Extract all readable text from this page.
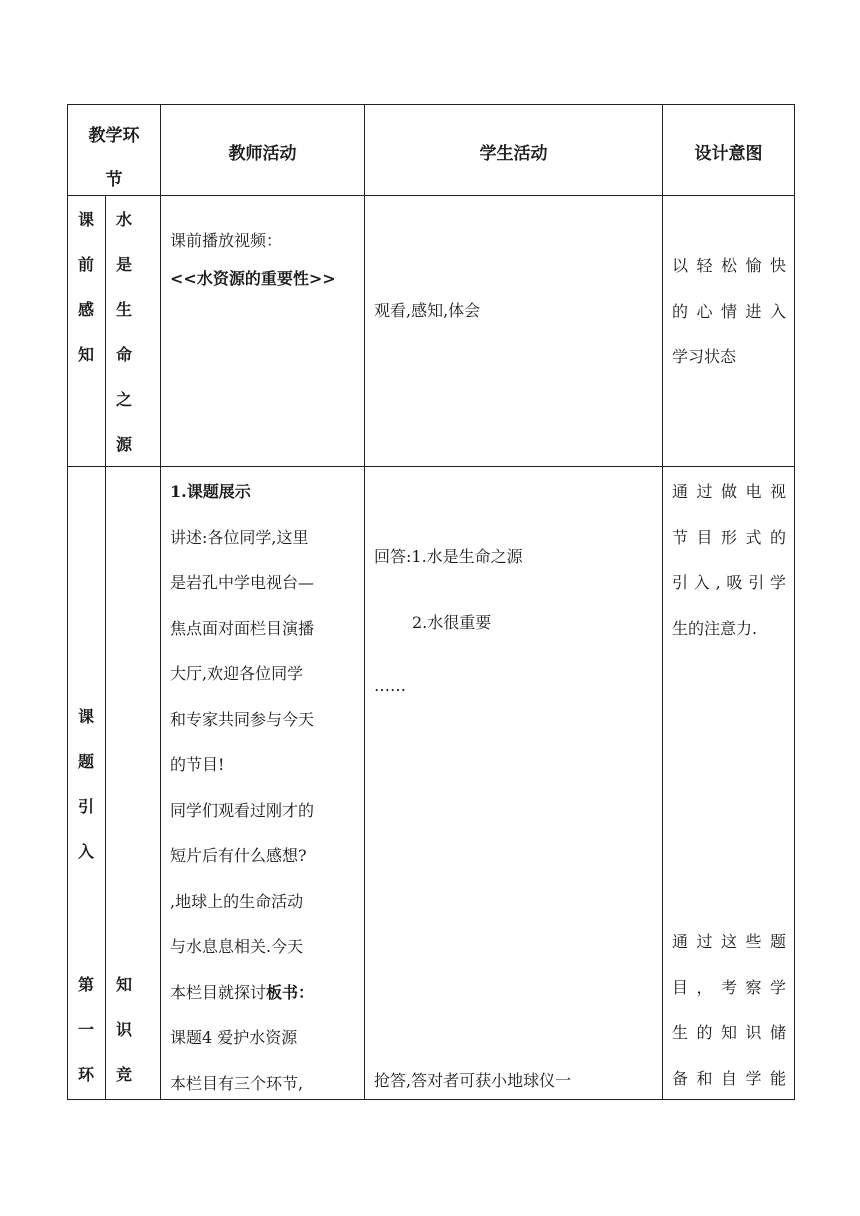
教学环
节
教师活动	学生活动	设计意图
课
前
感
知
水
是
生
命
之
源
课前播放视频：
<<水资源的重要性>>
观看,感知,体会
以轻松愉快
的心情进入
学习状态
课
题
引
入
第
一
环
知
识
竞
1.课题展示
讲述:各位同学,这里
是岩孔中学电视台—
焦点面对面栏目演播
大厅,欢迎各位同学
和专家共同参与今天
的节目!
同学们观看过刚才的
短片后有什么感想?
,地球上的生命活动
与水息息相关.今天
本栏目就探讨板书：
课题4 爱护水资源
本栏目有三个环节,
回答:1.水是生命之源
2.水很重要
……
抢答,答对者可获小地球仪一
通过做电视
节目形式的
引入,吸引学
生的注意力.
通过这些题
目，考察学
生的知识储
备和自学能
